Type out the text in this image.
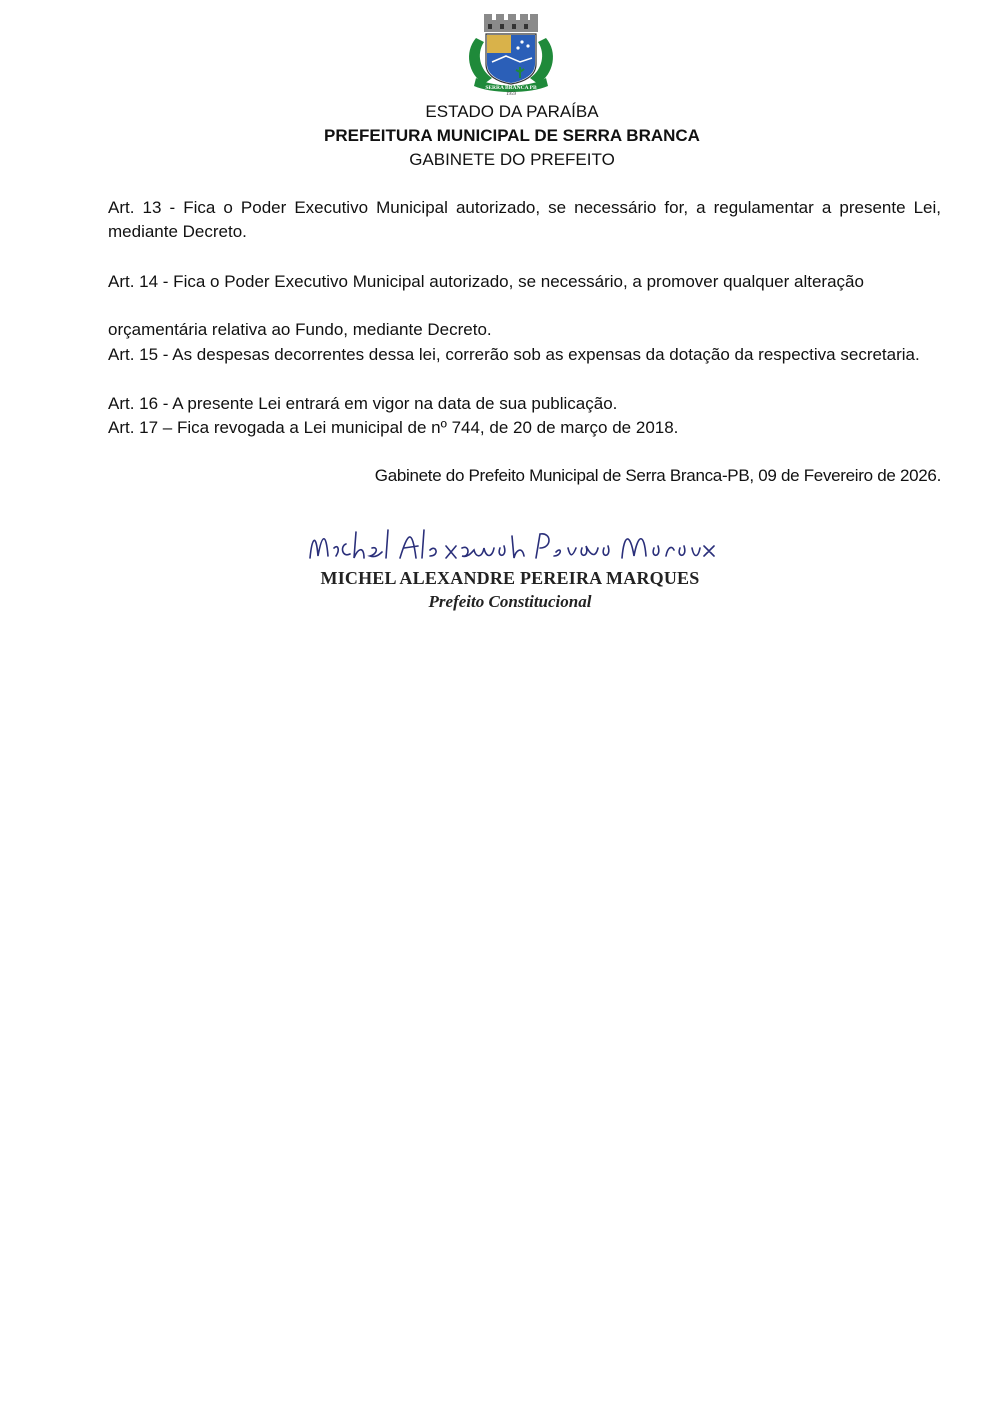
SERRA BRANCA PB
1959
ESTADO DA PARAÍBA
PREFEITURA MUNICIPAL DE SERRA BRANCA
GABINETE DO PREFEITO
Art. 13 - Fica o Poder Executivo Municipal autorizado, se necessário for, a regulamentar a presente Lei, mediante Decreto.
Art. 14 - Fica o Poder Executivo Municipal autorizado, se necessário, a promover qualquer alteração
orçamentária relativa ao Fundo, mediante Decreto.
Art. 15 - As despesas decorrentes dessa lei, correrão sob as expensas da dotação da respectiva secretaria.
Art. 16 - A presente Lei entrará em vigor na data de sua publicação.
Art. 17 – Fica revogada a Lei municipal de nº 744, de 20 de março de 2018.
Gabinete do Prefeito Municipal de Serra Branca-PB, 09 de Fevereiro de 2026.
Michel Alexandre Pereira Marques
MICHEL ALEXANDRE PEREIRA MARQUES
Prefeito Constitucional
